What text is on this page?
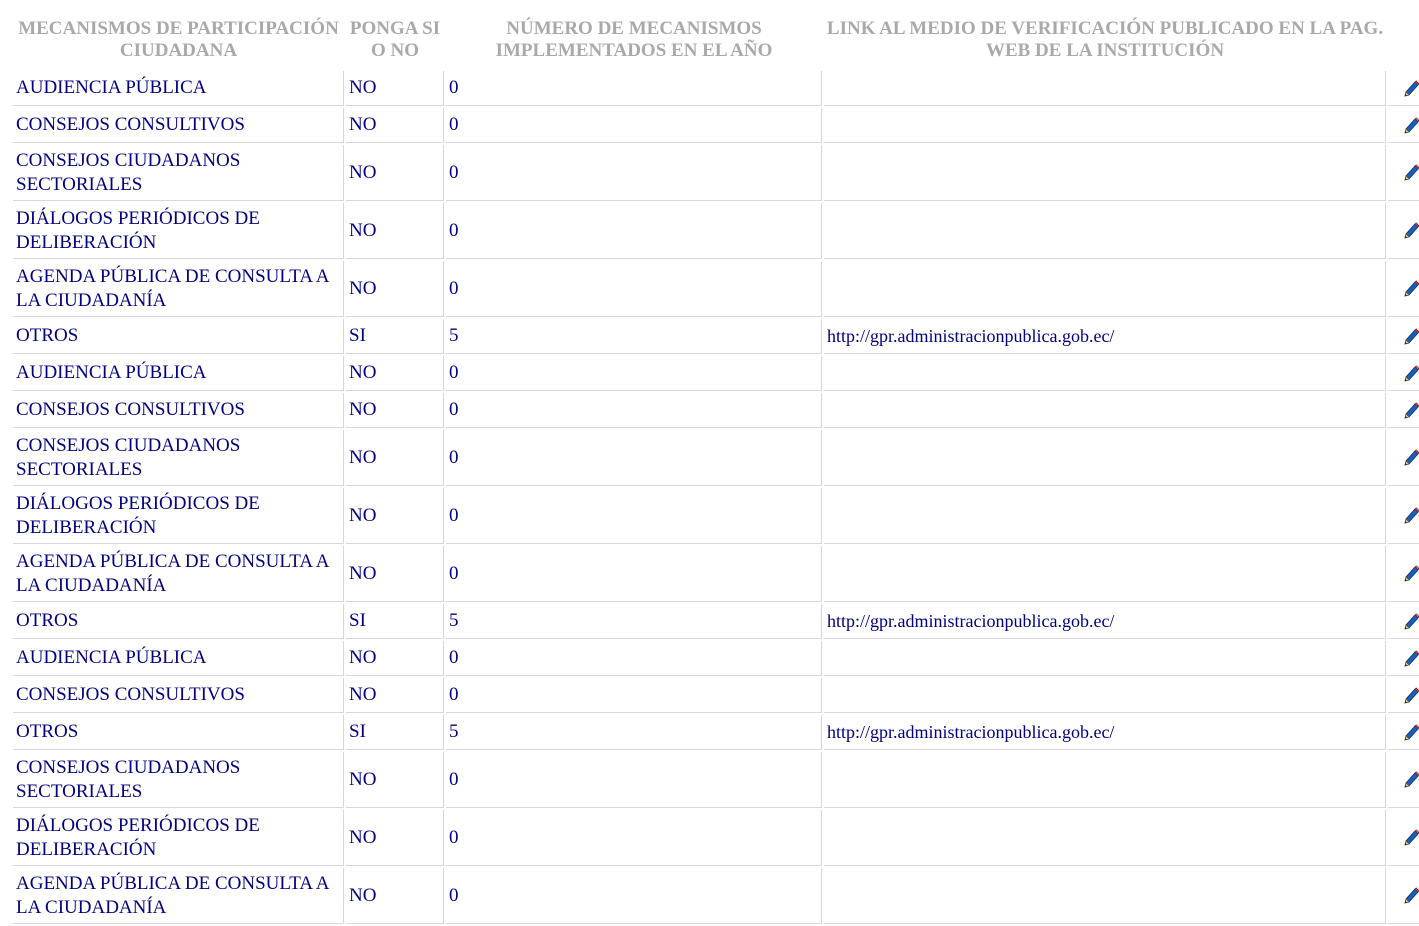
MECANISMOS DE PARTICIPACIÓN CIUDADANA	PONGA SI O NO	NÚMERO DE MECANISMOS IMPLEMENTADOS EN EL AÑO	LINK AL MEDIO DE VERIFICACIÓN PUBLICADO EN LA PAG. WEB DE LA INSTITUCIÓN	
AUDIENCIA PÚBLICA	NO	0		
CONSEJOS CONSULTIVOS	NO	0		
CONSEJOS CIUDADANOS SECTORIALES	NO	0		
DIÁLOGOS PERIÓDICOS DE DELIBERACIÓN	NO	0		
AGENDA PÚBLICA DE CONSULTA A LA CIUDADANÍA	NO	0		
OTROS	SI	5	http://gpr.administracionpublica.gob.ec/	
AUDIENCIA PÚBLICA	NO	0		
CONSEJOS CONSULTIVOS	NO	0		
CONSEJOS CIUDADANOS SECTORIALES	NO	0		
DIÁLOGOS PERIÓDICOS DE DELIBERACIÓN	NO	0		
AGENDA PÚBLICA DE CONSULTA A LA CIUDADANÍA	NO	0		
OTROS	SI	5	http://gpr.administracionpublica.gob.ec/	
AUDIENCIA PÚBLICA	NO	0		
CONSEJOS CONSULTIVOS	NO	0		
OTROS	SI	5	http://gpr.administracionpublica.gob.ec/	
CONSEJOS CIUDADANOS SECTORIALES	NO	0		
DIÁLOGOS PERIÓDICOS DE DELIBERACIÓN	NO	0		
AGENDA PÚBLICA DE CONSULTA A LA CIUDADANÍA	NO	0		
